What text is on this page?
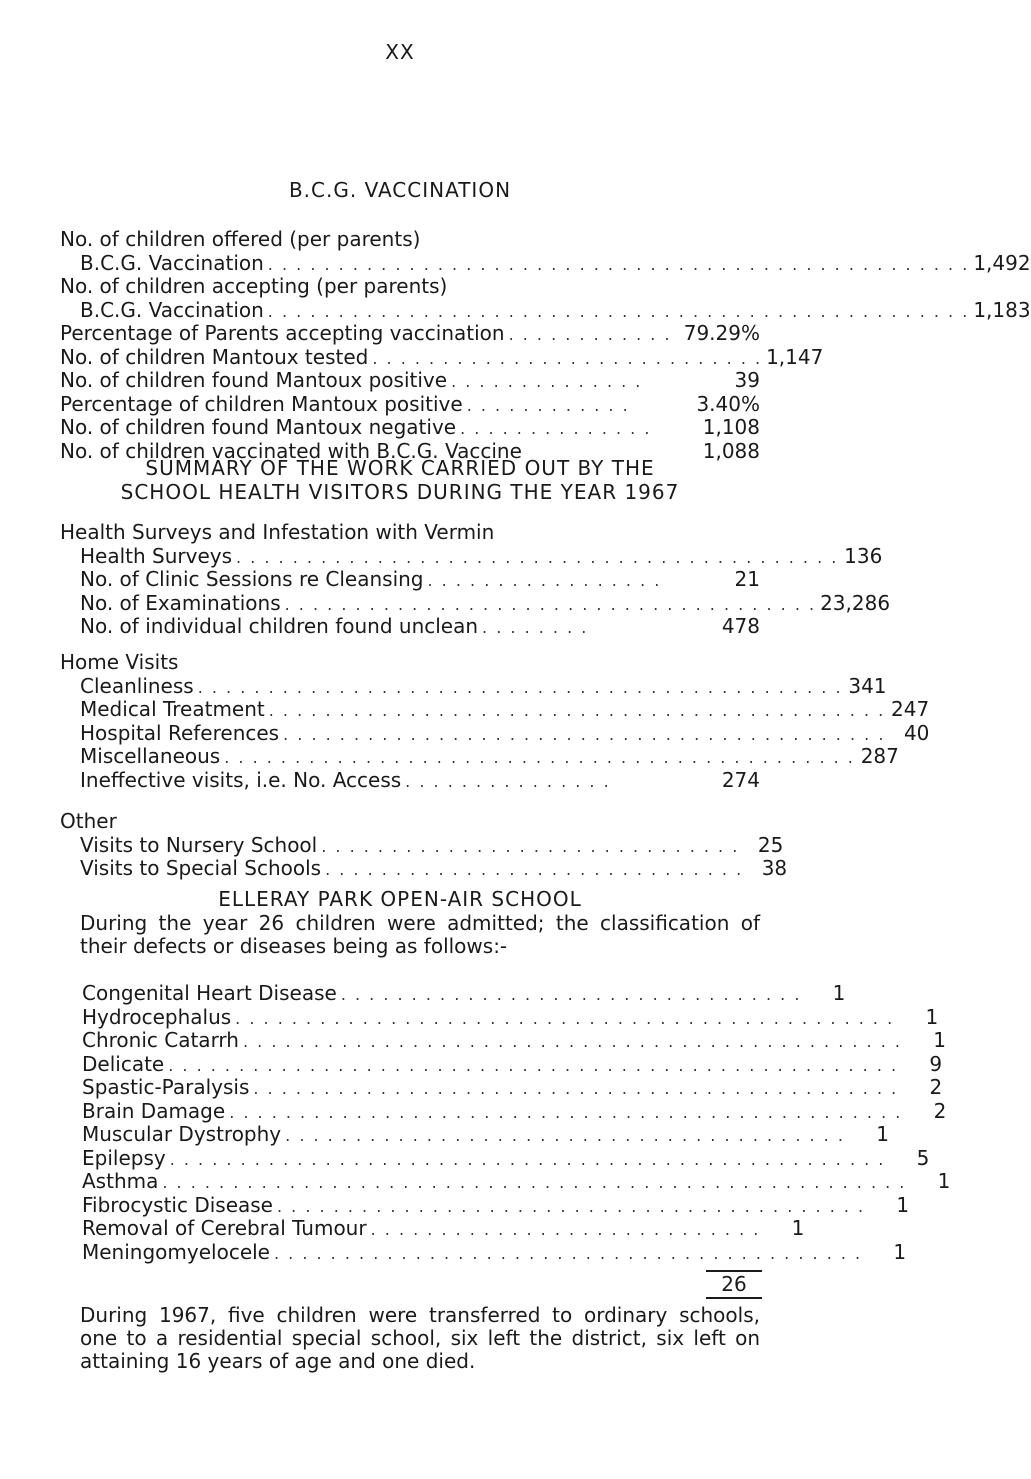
XX
B.C.G. VACCINATION
No. of children offered (per parents)
B.C.G. Vaccination . . . . . . . . . . . . . . . . . . . . . . . . . . . . . . . . . . . . . . . . . . . . . . . . . . 1,492
No. of children accepting (per parents)
B.C.G. Vaccination . . . . . . . . . . . . . . . . . . . . . . . . . . . . . . . . . . . . . . . . . . . . . . . . . . 1,183
Percentage of Parents accepting vaccination . . . . . . . . . . . . 79.29%
No. of children Mantoux tested . . . . . . . . . . . . . . . . . . . . . . . . . . . . 1,147
No. of children found Mantoux positive . . . . . . . . . . . . . .	39
Percentage of children Mantoux positive . . . . . . . . . . . .	3.40%
No. of children found Mantoux negative . . . . . . . . . . . . . .	1,108
No. of children vaccinated with B.C.G. Vaccine	1,088
SUMMARY OF THE WORK CARRIED OUT BY THE
SCHOOL HEALTH VISITORS DURING THE YEAR 1967
Health Surveys and Infestation with Vermin
Health Surveys . . . . . . . . . . . . . . . . . . . . . . . . . . . . . . . . . . . . . . . . . . . 136
No. of Clinic Sessions re Cleansing . . . . . . . . . . . . . . . . .	21
No. of Examinations . . . . . . . . . . . . . . . . . . . . . . . . . . . . . . . . . . . . . . 23,286
No. of individual children found unclean . . . . . . . .	478
Home Visits
Cleanliness . . . . . . . . . . . . . . . . . . . . . . . . . . . . . . . . . . . . . . . . . . . . . . 341
Medical Treatment . . . . . . . . . . . . . . . . . . . . . . . . . . . . . . . . . . . . . . . . . . . . 247
Hospital References . . . . . . . . . . . . . . . . . . . . . . . . . . . . . . . . . . . . . . . . . . . 40
Miscellaneous . . . . . . . . . . . . . . . . . . . . . . . . . . . . . . . . . . . . . . . . . . . . . 287
Ineffective visits, i.e. No. Access . . . . . . . . . . . . . . .	274
Other
Visits to Nursery School . . . . . . . . . . . . . . . . . . . . . . . . . . . . . . 25
Visits to Special Schools . . . . . . . . . . . . . . . . . . . . . . . . . . . . . . 38
ELLERAY PARK OPEN-AIR SCHOOL
During the year 26 children were admitted; the classification of their defects or diseases being as follows:-
Congenital Heart Disease . . . . . . . . . . . . . . . . . . . . . . . . . . . . . . . . .	1
Hydrocephalus . . . . . . . . . . . . . . . . . . . . . . . . . . . . . . . . . . . . . . . . . . . . . . .	1
Chronic Catarrh . . . . . . . . . . . . . . . . . . . . . . . . . . . . . . . . . . . . . . . . . . . . . . .	1
Delicate . . . . . . . . . . . . . . . . . . . . . . . . . . . . . . . . . . . . . . . . . . . . . . . . . . . .	9
Spastic-Paralysis . . . . . . . . . . . . . . . . . . . . . . . . . . . . . . . . . . . . . . . . . . . . . .	2
Brain Damage . . . . . . . . . . . . . . . . . . . . . . . . . . . . . . . . . . . . . . . . . . . . . . . .	2
Muscular Dystrophy . . . . . . . . . . . . . . . . . . . . . . . . . . . . . . . . . . . . . . . .	1
Epilepsy . . . . . . . . . . . . . . . . . . . . . . . . . . . . . . . . . . . . . . . . . . . . . . . . . . .	5
Asthma . . . . . . . . . . . . . . . . . . . . . . . . . . . . . . . . . . . . . . . . . . . . . . . . . . . . .	1
Fibrocystic Disease . . . . . . . . . . . . . . . . . . . . . . . . . . . . . . . . . . . . . . . . . .	1
Removal of Cerebral Tumour . . . . . . . . . . . . . . . . . . . . . . . . . . . .	1
Meningomyelocele . . . . . . . . . . . . . . . . . . . . . . . . . . . . . . . . . . . . . . . . . .	1
26
During 1967, five children were transferred to ordinary schools, one to a residential special school, six left the district, six left on attaining 16 years of age and one died.
